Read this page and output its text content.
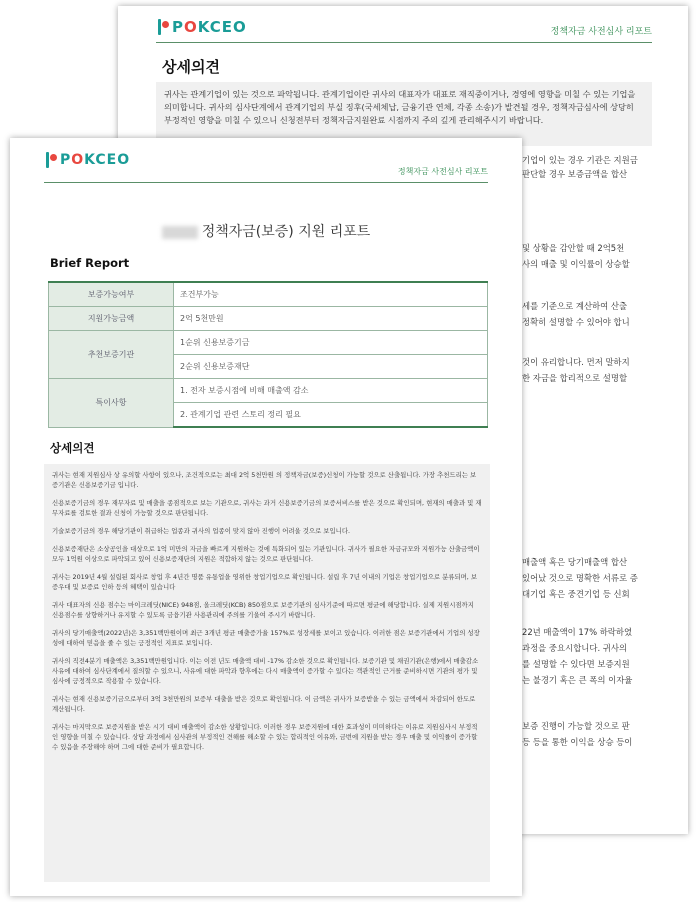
POKCEO	정책자금 사전심사 리포트
상세의견
귀사는 관계기업이 있는 것으로 파악됩니다. 관계기업이란 귀사의 대표자가 대표로 재직중이거나, 경영에 영향을 미칠 수 있는 기업을 의미합니다. 귀사의 심사단계에서 관계기업의 부실 징후(국세체납, 금융기관 연체, 각종 소송)가 발견될 경우, 정책자금심사에 상당히 부정적인 영향을 미칠 수 있으니 신청전부터 정책자금지원완료 시점까지 주의 깊게 관리해주시기 바랍니다.
기업이 있는 경우 기관은 지원금
판단할 경우 보증금액을 합산
및 상황을 감안할 때 2억5천
사의 매출 및 이익률이 상승할
세를 기준으로 계산하여 산출
정확히 설명할 수 있어야 합니
것이 유리합니다. 먼저 말하지
한 자금을 합리적으로 설명할
매출액 혹은 당기매출액 합산
있어났 것으로 명확한 서류로 증
대기업 혹은 중견기업 등 신회
22년 매출액이 17% 하락하였
과정을 중요시합니다. 귀사의
를 설명할 수 있다면 보증지원
는 불경기 혹은 큰 폭의 이자율
보증 진행이 가능할 것으로 판
등 등을 통한 이익을 상승 등이
POKCEO
정책자금 사전심사 리포트
정책자금(보증) 지원 리포트
Brief Report
보증가능여부	조건부가능
지원가능금액	2억 5천만원
추천보증기관	1순위 신용보증기금
	2순위 신용보증재단
특이사항	1. 전자 보증시점에 비해 매출액 감소
	2. 관계기업 관련 스토리 정리 필요
상세의견

귀사는 현재 지원심사 상 유의할 사항이 있으나, 조건적으로는 최대 2억 5천만원 의 정책자금(보증)신청이 가능할 것으로 산출됩니다. 가장 추천드리는 보증기관은 신용보증기금 입니다.

신용보증기금의 경우 재무자료 및 매출을 종점적으로 보는 기관으로, 귀사는 과거 신용보증기금의 보증서비스를 받은 것으로 확인되며, 현재의 매출과 및 재무자료를 검토한 결과 신청이 가능할 것으로 판단됩니다.

기술보증기금의 경우 해당기관이 취급하는 업종과 귀사의 업종이 맞지 않아 진행이 어려울 것으로 보입니다.

신용보증재단은 소상공인을 대상으로 1억 미만의 자금을 빠르게 지원하는 것에 특화되어 있는 기관입니다. 귀사가 필요한 자금규모와 지원가능 산출금액이 모두 1억원 이상으로 파악되고 있어 신용보증재단의 지원은 적합하지 않는 것으로 판단됩니다.

귀사는 2019년 4월 설립된 회사로 창업 후 4년간 명품 유통업을 영위한 창업기업으로 확인됩니다. 설립 후 7년 이내의 기업은 창업기업으로 분류되며, 보증우대 및 보증료 인하 등의 혜택이 있습니다

귀사 대표자의 신용 점수는 마이크레딧(NICE) 948점, 올크레딧(KCB) 850점으로 보증기관의 심사기준에 따르면 평균에 해당합니다. 실제 지원시점까지 신용점수를 상향하거나 유지할 수 있도록 금융기관 사용관리에 주의를 기울여 주시기 바랍니다.

귀사의 당기매출액(2022년)은 3,351백만원이며 최근 3개년 평균 매출증가율 157%로 성장세를 보이고 있습니다. 이러한 점은 보증기관에서 기업의 성장성에 대하여 믿음을 줄 수 있는 긍정적인 지표로 보입니다.

귀사의 직전4분기 매출액은 3,351백만원입니다. 이는 이전 년도 매출액 대비 -17% 감소한 것으로 확인됩니다. 보증기관 및 채권기관(은행)에서 매출감소사유에 대하여 심사단계에서 질의할 수 있으니, 사유에 대한 파악과 향후에는 다시 매출액이 증가할 수 있다는 객관적인 근거를 준비하시면 기관의 평가 및 심사에 긍정적으로 작용할 수 있습니다.

귀사는 현재 신용보증기금으로부터 3억 3천만원의 보증부 대출을 받은 것으로 확인됩니다. 이 금액은 귀사가 보증받을 수 있는 금액에서 차감되어 한도로 계산됩니다.

귀사는 마지막으로 보증지원을 받은 시기 대비 매출액이 감소한 상황입니다. 이러한 경우 보증지원에 대한 효과성이 미미하다는 이유로 지원심사시 부정적인 영향을 미칠 수 있습니다. 상담 과정에서 심사관의 부정적인 견해를 해소할 수 있는 합리적인 이유와, 금번에 지원을 받는 경우 매출 및 이익률이 증가할 수 있음을 주장해야 하며 그에 대한 준비가 필요합니다.
